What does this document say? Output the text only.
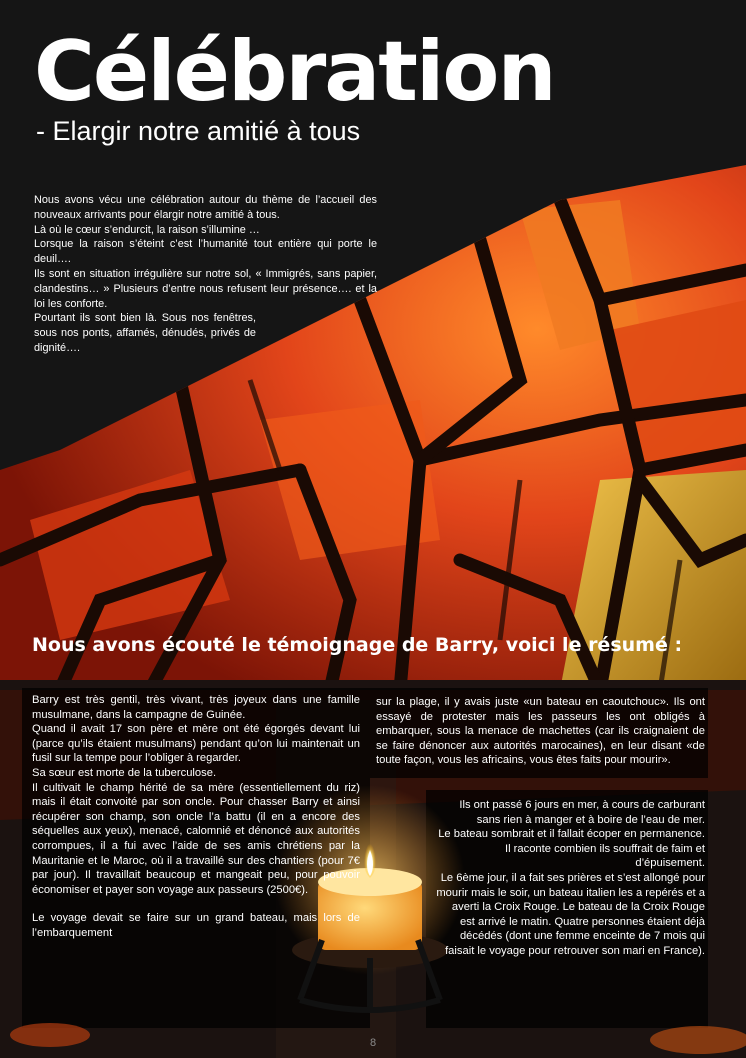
Célébration
- Elargir notre amitié à tous

Nous avons vécu une célébration autour du thème de l’accueil des nouveaux arrivants pour élargir notre amitié à tous.

Là où le cœur s’endurcit, la raison s’illumine …

Lorsque la raison s’éteint c’est l’humanité tout entière qui porte le deuil….

Ils sont en situation irrégulière sur notre sol, « Immigrés, sans papier, clandestins… » Plusieurs d’entre nous refusent leur présence…. et la loi les conforte.

Pourtant ils sont bien là. Sous nos fenêtres, sous nos ponts, affamés, dénudés, privés de dignité….

Nous avons écouté le témoignage de Barry, voici le résumé :

Barry est très gentil, très vivant, très joyeux dans une famille musulmane, dans la campagne de Guinée.

Quand il avait 17 son père et mère ont été égorgés devant lui (parce qu’ils étaient musulmans) pendant qu’on lui maintenait un fusil sur la tempe pour l’obliger à regarder.

Sa sœur est morte de la tuberculose.

Il cultivait le champ hérité de sa mère (essentiellement du riz) mais il était convoité par son oncle. Pour chasser Barry et ainsi récupérer son champ, son oncle l’a battu (il en a encore des séquelles aux yeux), menacé, calomnié et dénoncé aux autorités corrompues, il a fui avec l’aide de ses amis chrétiens par la Mauritanie et le Maroc, où il a travaillé sur des chantiers (pour 7€ par jour). Il travaillait beaucoup et mangeait peu, pour pouvoir économiser et payer son voyage aux passeurs (2500€).

Le voyage devait se faire sur un grand bateau, mais lors de l’embarquement

sur la plage, il y avais juste «un bateau en caoutchouc». Ils ont essayé de protester mais les passeurs les ont obligés à embarquer, sous la menace de machettes (car ils craignaient de se faire dénoncer aux autorités marocaines), en leur disant «de toute façon, vous les africains, vous êtes faits pour mourir».

Ils ont passé 6 jours en mer, à cours de carburant sans rien à manger et à boire de l’eau de mer.

Le bateau sombrait et il fallait écoper en permanence. Il raconte combien ils souffrait de faim et d’épuisement.

Le 6ème jour, il a fait ses prières et s’est allongé pour mourir mais le soir, un bateau italien les a repérés et a averti la Croix Rouge. Le bateau de la Croix Rouge est arrivé le matin. Quatre personnes étaient déjà décédés (dont une femme enceinte de 7 mois qui faisait le voyage pour retrouver son mari en France).

8
